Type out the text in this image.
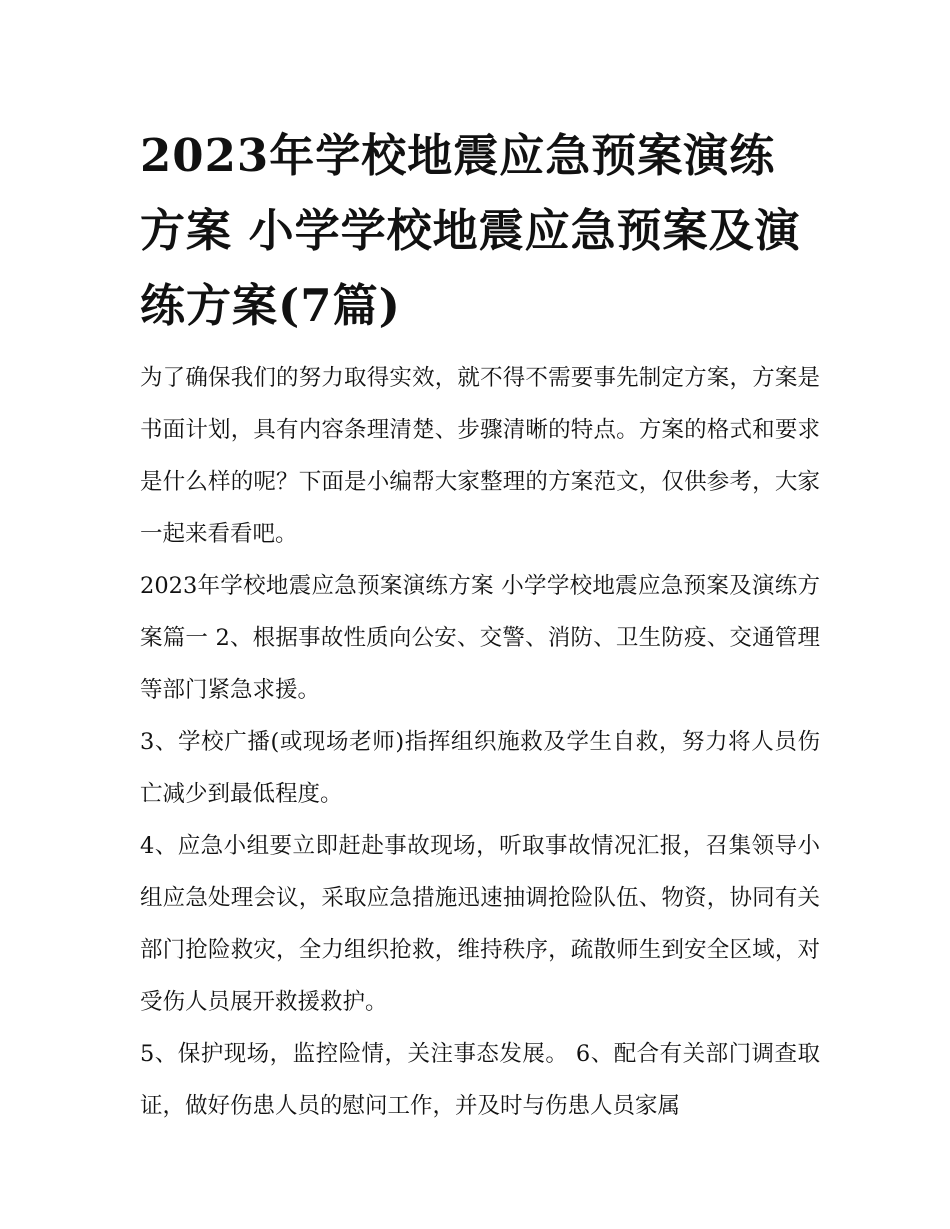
2023年学校地震应急预案演练方案 小学学校地震应急预案及演练方案(7篇)

为了确保我们的努力取得实效，就不得不需要事先制定方案，方案是书面计划，具有内容条理清楚、步骤清晰的特点。方案的格式和要求是什么样的呢？下面是小编帮大家整理的方案范文，仅供参考，大家一起来看看吧。

2023年学校地震应急预案演练方案 小学学校地震应急预案及演练方案篇一 2、根据事故性质向公安、交警、消防、卫生防疫、交通管理等部门紧急求援。

3、学校广播(或现场老师)指挥组织施救及学生自救，努力将人员伤亡减少到最低程度。

4、应急小组要立即赶赴事故现场，听取事故情况汇报，召集领导小组应急处理会议，采取应急措施迅速抽调抢险队伍、物资，协同有关部门抢险救灾，全力组织抢救，维持秩序，疏散师生到安全区域，对受伤人员展开救援救护。

5、保护现场，监控险情，关注事态发展。 6、配合有关部门调查取证，做好伤患人员的慰问工作，并及时与伤患人员家属
